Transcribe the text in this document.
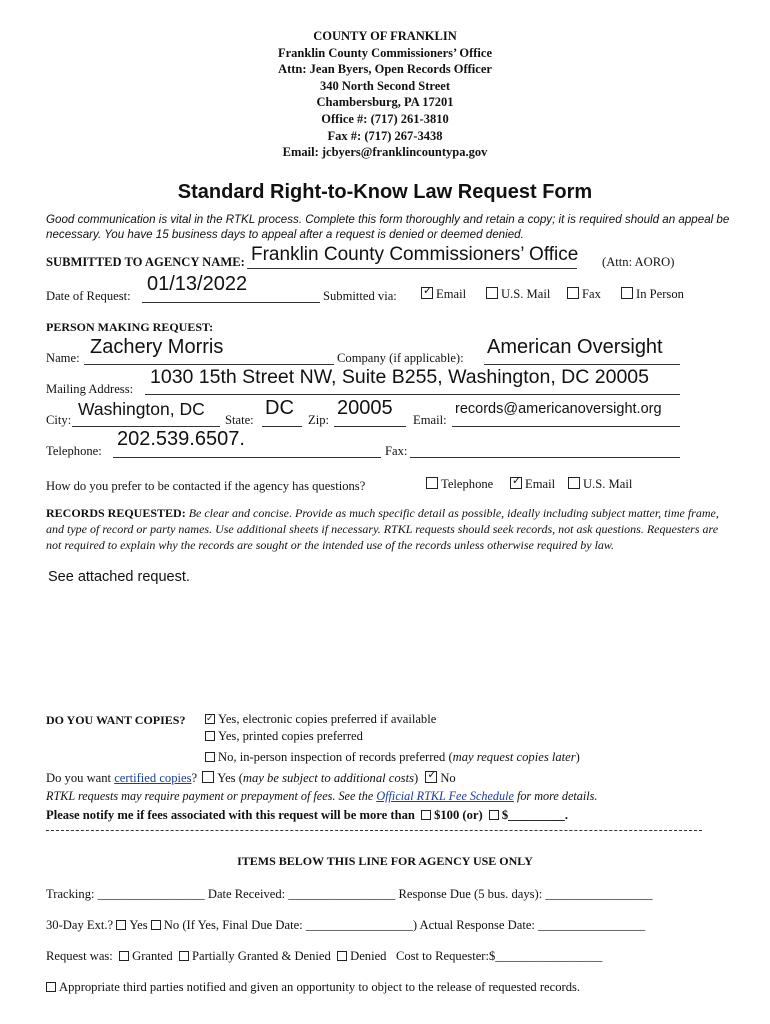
COUNTY OF FRANKLIN
Franklin County Commissioners’ Office
Attn: Jean Byers, Open Records Officer
340 North Second Street
Chambersburg, PA 17201
Office #: (717) 261-3810
Fax #: (717) 267-3438
Email: jcbyers@franklincountypa.gov
Standard Right-to-Know Law Request Form
Good communication is vital in the RTKL process. Complete this form thoroughly and retain a copy; it is required should an appeal be necessary. You have 15 business days to appeal after a request is denied or deemed denied.
SUBMITTED TO AGENCY NAME: Franklin County Commissioners’ Office (Attn: AORO)
Date of Request:
01/13/2022
Submitted via: ✓ Email	U.S. Mail	Fax	In Person
PERSON MAKING REQUEST:
Name: Zachery Morris	Company (if applicable): American Oversight
Mailing Address:
1030 15th Street NW, Suite B255, Washington, DC 20005
City:
Washington, DC
State:
DC
Zip:
20005
Email:
records@americanoversight.org
Telephone:
202.539.6507.
Fax:
How do you prefer to be contacted if the agency has questions?	Telephone ✓ Email	U.S. Mail
RECORDS REQUESTED: Be clear and concise. Provide as much specific detail as possible, ideally including subject matter, time frame, and type of record or party names. Use additional sheets if necessary. RTKL requests should seek records, not ask questions. Requesters are not required to explain why the records are sought or the intended use of the records unless otherwise required by law.
See attached request.
DO YOU WANT COPIES? ✓ Yes, electronic copies preferred if available
Yes, printed copies preferred
No, in-person inspection of records preferred (may request copies later)
Do you want certified copies? Yes (may be subject to additional costs) ✓ No
RTKL requests may require payment or prepayment of fees. See the Official RTKL Fee Schedule for more details.
Please notify me if fees associated with this request will be more than $100 (or) $_________.
ITEMS BELOW THIS LINE FOR AGENCY USE ONLY
Tracking: _________________ Date Received: _________________ Response Due (5 bus. days): _________________
30-Day Ext.? Yes No (If Yes, Final Due Date: _________________) Actual Response Date: _________________
Request was: Granted Partially Granted & Denied Denied Cost to Requester:$_________________
Appropriate third parties notified and given an opportunity to object to the release of requested records.
